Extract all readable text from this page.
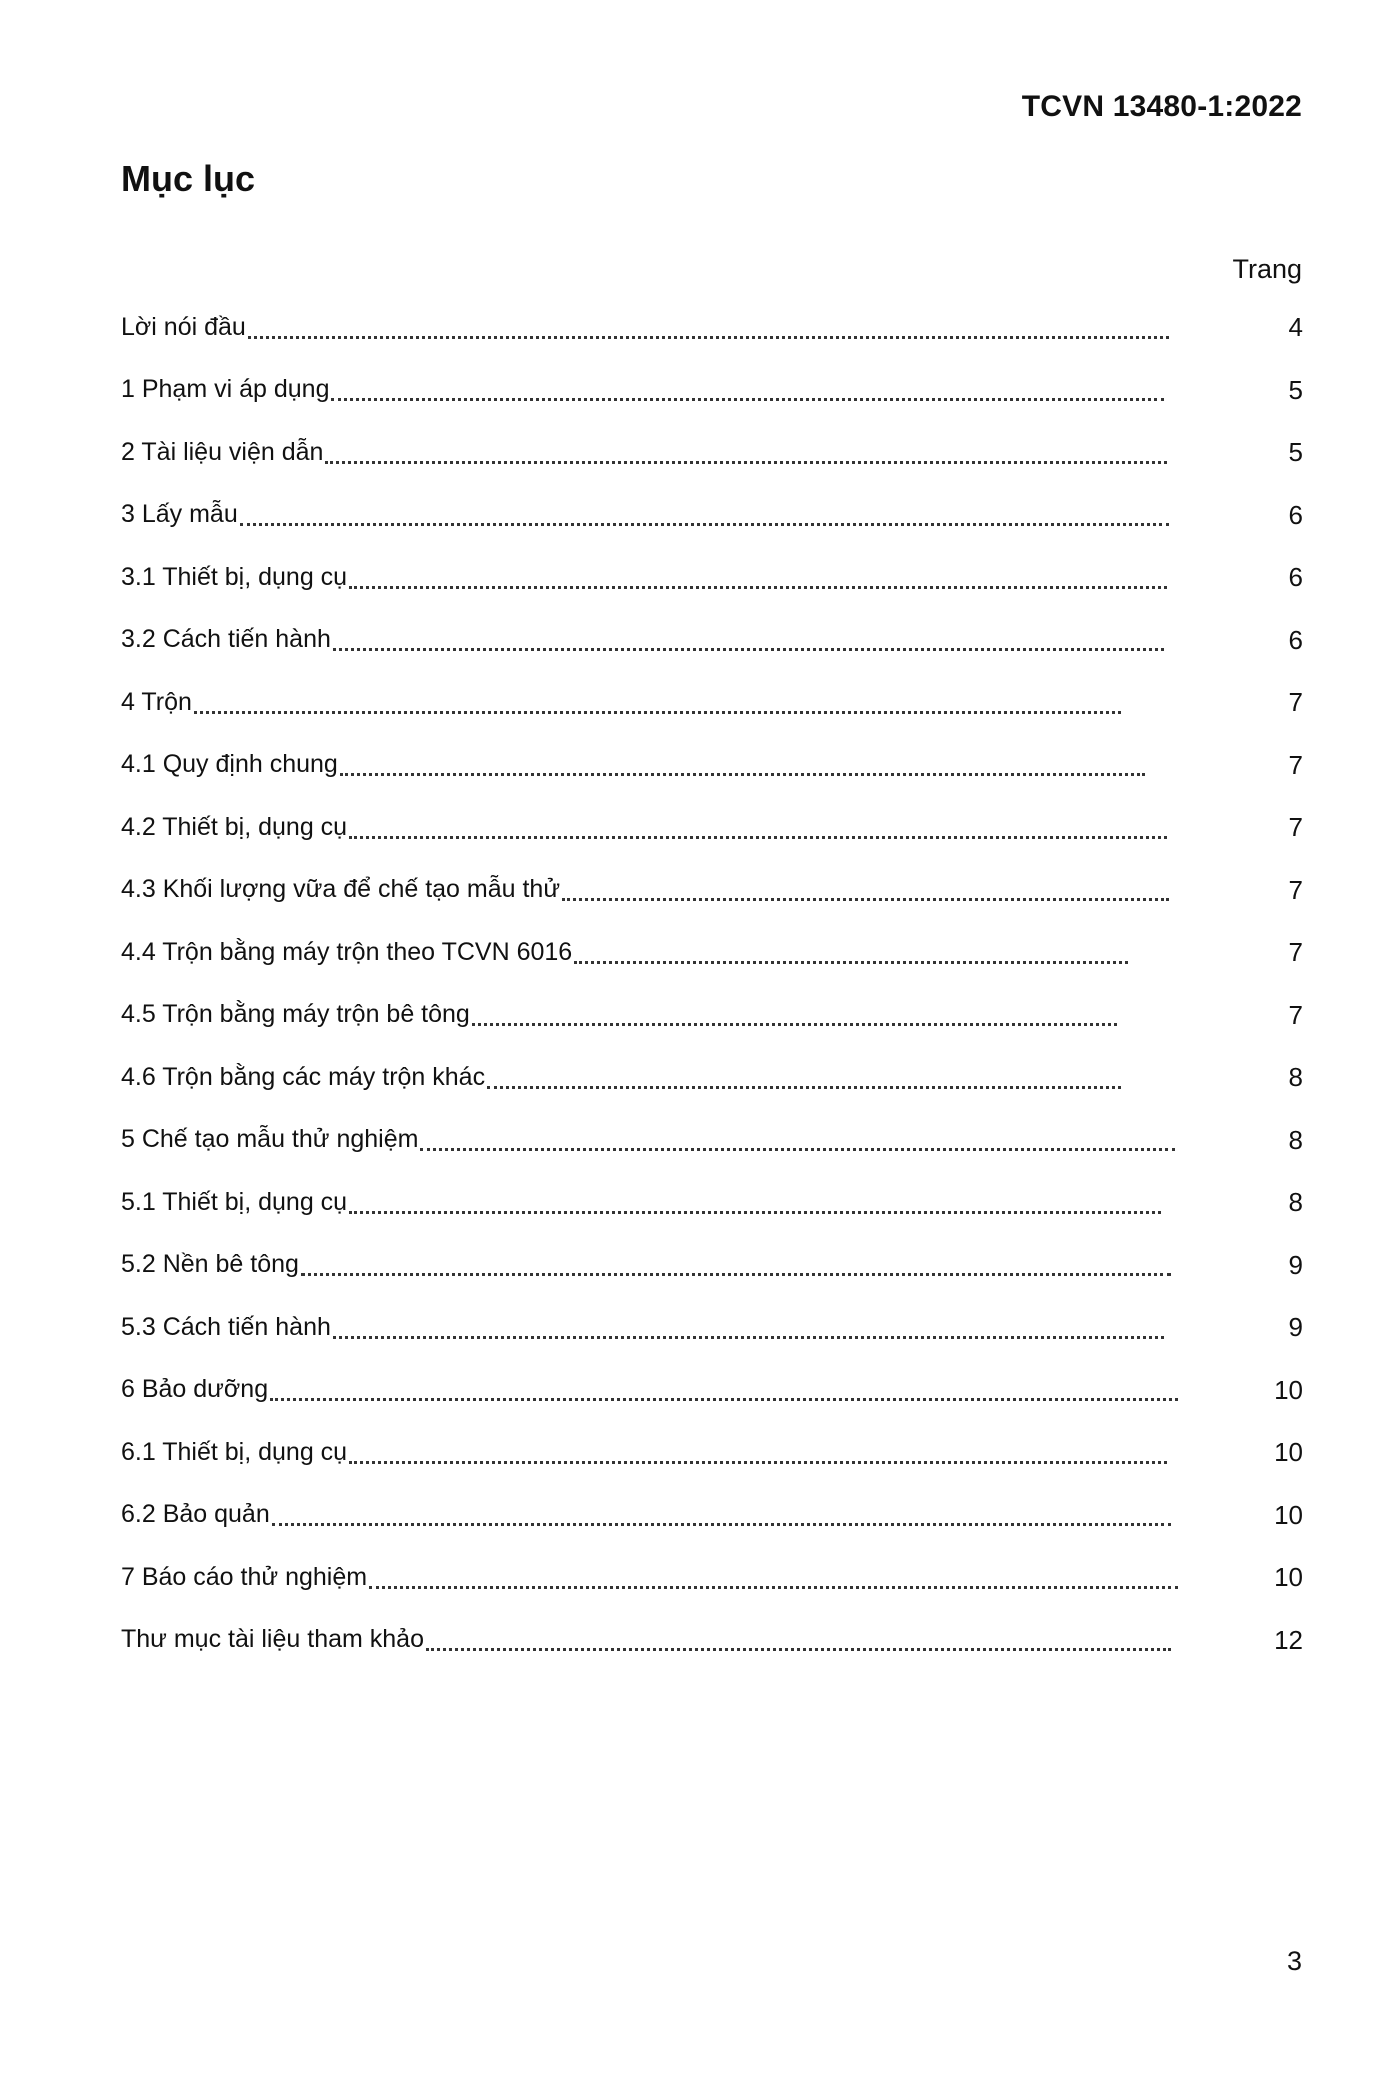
TCVN 13480-1:2022
Mục lục
Trang
Lời nói đầu	4
1 Phạm vi áp dụng	5
2 Tài liệu viện dẫn	5
3 Lấy mẫu	6
3.1 Thiết bị, dụng cụ	6
3.2 Cách tiến hành	6
4 Trộn	7
4.1 Quy định chung	7
4.2 Thiết bị, dụng cụ	7
4.3 Khối lượng vữa để chế tạo mẫu thử	7
4.4 Trộn bằng máy trộn theo TCVN 6016	7
4.5 Trộn bằng máy trộn bê tông	7
4.6 Trộn bằng các máy trộn khác	8
5 Chế tạo mẫu thử nghiệm	8
5.1 Thiết bị, dụng cụ	8
5.2 Nền bê tông	9
5.3 Cách tiến hành	9
6 Bảo dưỡng	10
6.1 Thiết bị, dụng cụ	10
6.2 Bảo quản	10
7 Báo cáo thử nghiệm	10
Thư mục tài liệu tham khảo	12
3
